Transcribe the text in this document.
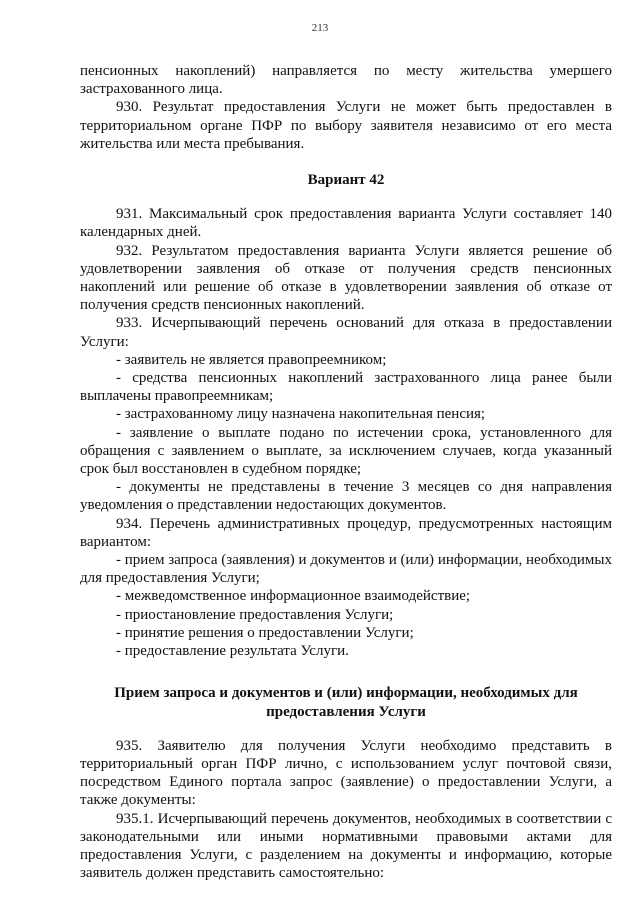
213
пенсионных накоплений) направляется по месту жительства умершего застрахованного лица.
930. Результат предоставления Услуги не может быть предоставлен в территориальном органе ПФР по выбору заявителя независимо от его места жительства или места пребывания.
Вариант 42
931. Максимальный срок предоставления варианта Услуги составляет 140 календарных дней.
932. Результатом предоставления варианта Услуги является решение об удовлетворении заявления об отказе от получения средств пенсионных накоплений или решение об отказе в удовлетворении заявления об отказе от получения средств пенсионных накоплений.
933. Исчерпывающий перечень оснований для отказа в предоставлении Услуги:
- заявитель не является правопреемником;
- средства пенсионных накоплений застрахованного лица ранее были выплачены правопреемникам;
- застрахованному лицу назначена накопительная пенсия;
- заявление о выплате подано по истечении срока, установленного для обращения с заявлением о выплате, за исключением случаев, когда указанный срок был восстановлен в судебном порядке;
- документы не представлены в течение 3 месяцев со дня направления уведомления о представлении недостающих документов.
934. Перечень административных процедур, предусмотренных настоящим вариантом:
- прием запроса (заявления) и документов и (или) информации, необходимых для предоставления Услуги;
- межведомственное информационное взаимодействие;
- приостановление предоставления Услуги;
- принятие решения о предоставлении Услуги;
- предоставление результата Услуги.
Прием запроса и документов и (или) информации, необходимых для предоставления Услуги
935. Заявителю для получения Услуги необходимо представить в территориальный орган ПФР лично, с использованием услуг почтовой связи, посредством Единого портала запрос (заявление) о предоставлении Услуги, а также документы:
935.1. Исчерпывающий перечень документов, необходимых в соответствии с законодательными или иными нормативными правовыми актами для предоставления Услуги, с разделением на документы и информацию, которые заявитель должен представить самостоятельно:
